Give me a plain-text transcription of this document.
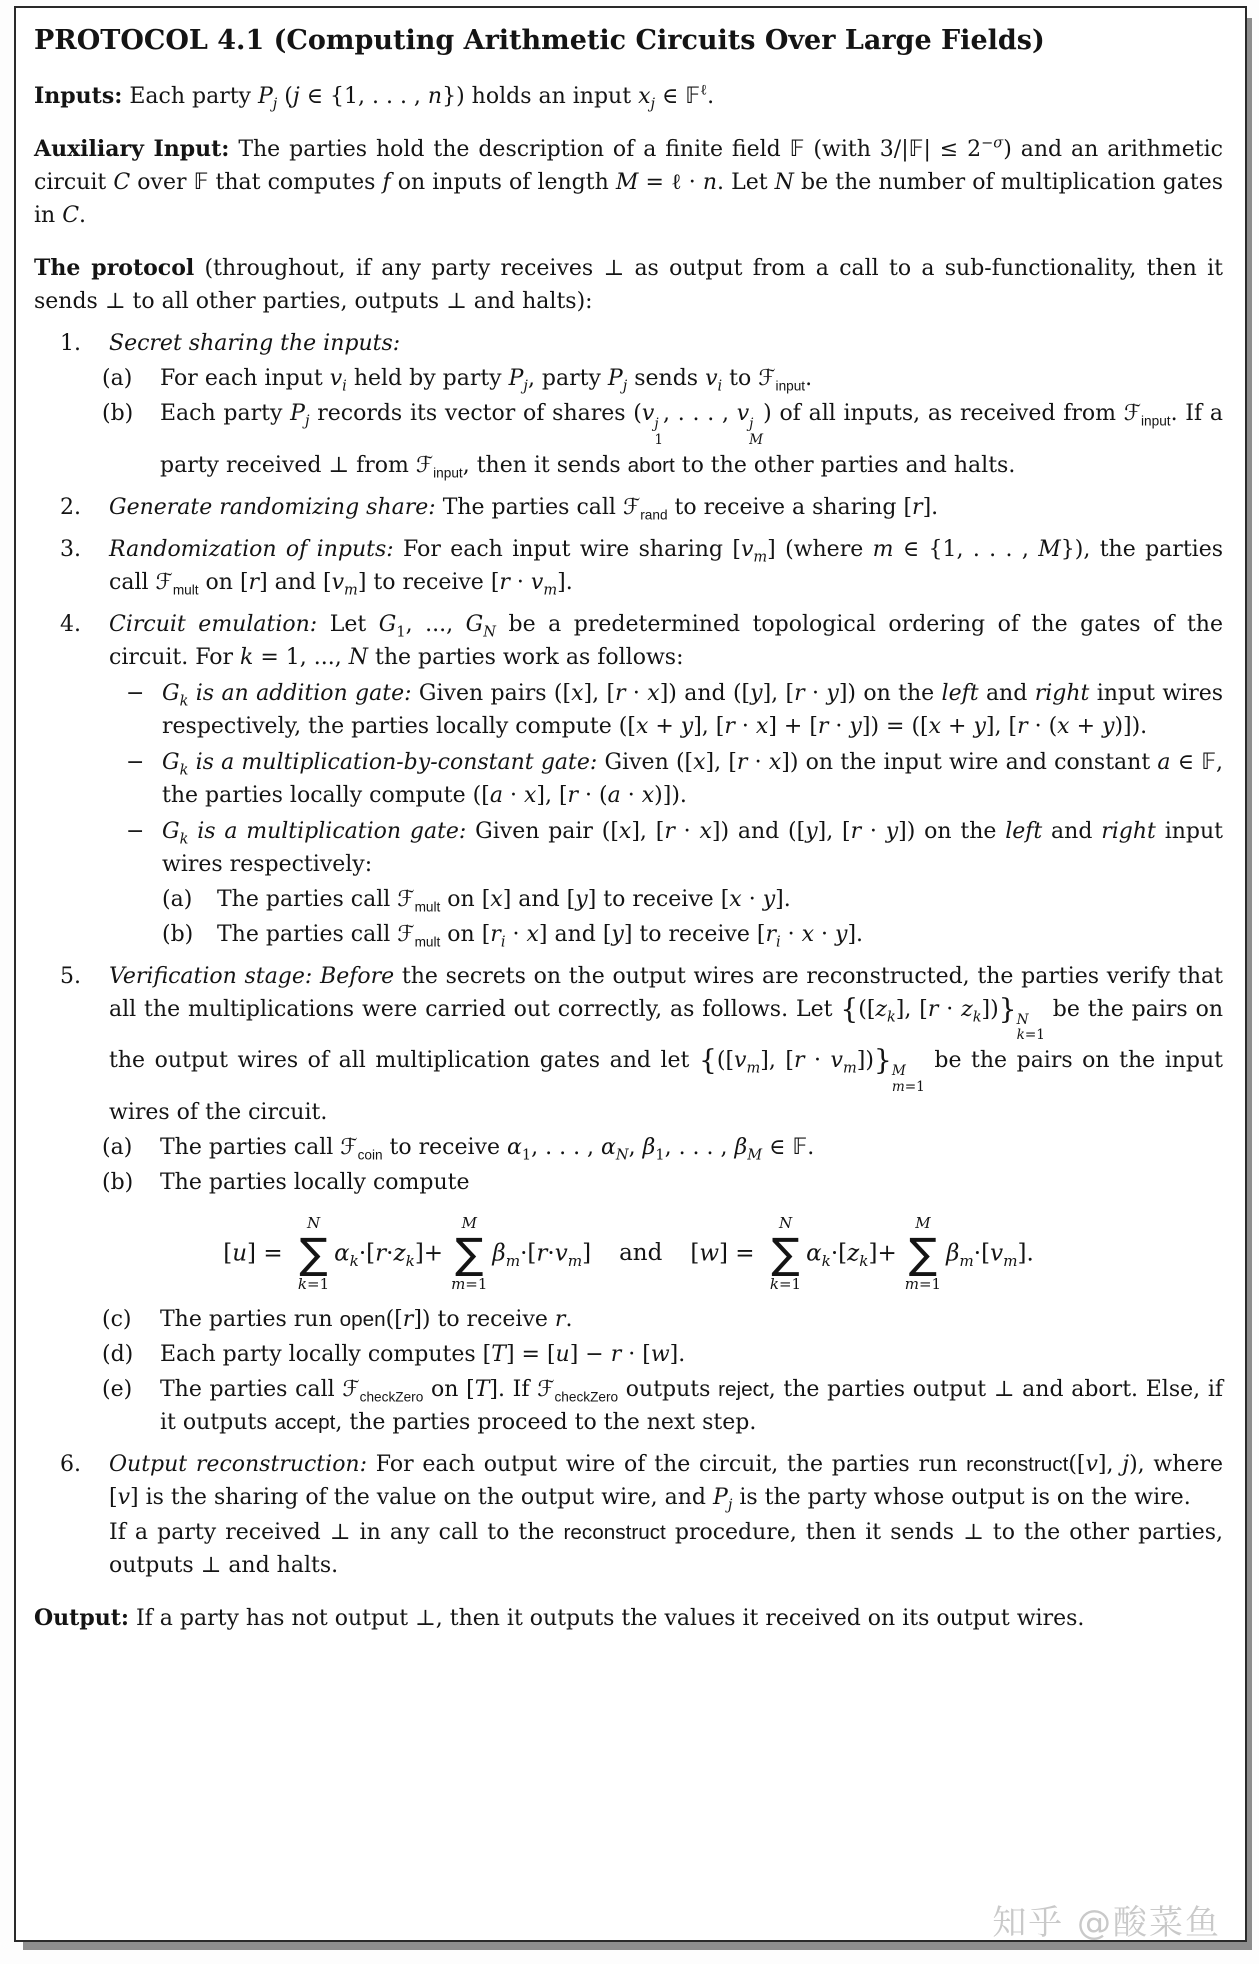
PROTOCOL 4.1 (Computing Arithmetic Circuits Over Large Fields)

Inputs: Each party $P_j$ (j ∈ {1, . . . , n}) holds an input $x_j$ ∈ 𝔽$^\ell$.

Auxiliary Input: The parties hold the description of a finite field 𝔽 (with 3/|𝔽| ≤ $2^{-\sigma}$) and an arithmetic circuit C over 𝔽 that computes f on inputs of length M = ℓ · n. Let N be the number of multiplication gates in C.

The protocol (throughout, if any party receives ⊥ as output from a call to a sub-functionality, then it sends ⊥ to all other parties, outputs ⊥ and halts):

1. Secret sharing the inputs:
(a) For each input $v_i$ held by party $P_j$, party $P_j$ sends $v_i$ to ℱ$_{input}$.
(b) Each party $P_j$ records its vector of shares (v j
1
, . . . , v j
M
) of all inputs, as received from ℱ$_{input}$. If a party received ⊥ from ℱ$_{input}$, then it sends abort to the other parties and halts.
2. Generate randomizing share: The parties call ℱ$_{rand}$ to receive a sharing [r].
3. Randomization of inputs: For each input wire sharing $[v_m]$ (where m ∈ {1, . . . , M}), the parties call ℱ$_{mult}$ on [r] and $[v_m]$ to receive $[r \cdot v_m]$.
4. Circuit emulation: Let $G_1$, ..., $G_N$ be a predetermined topological ordering of the gates of the circuit. For k = 1, ..., N the parties work as follows:
− $G_k$ is an addition gate: Given pairs ([x], [r · x]) and ([y], [r · y]) on the left and right input wires respectively, the parties locally compute ([x + y], [r · x] + [r · y]) = ([x + y], [r · (x + y)]).
− $G_k$ is a multiplication-by-constant gate: Given ([x], [r · x]) on the input wire and constant a ∈ 𝔽, the parties locally compute ([a · x], [r · (a · x)]).
− $G_k$ is a multiplication gate: Given pair ([x], [r · x]) and ([y], [r · y]) on the left and right input wires respectively:
(a) The parties call ℱ$_{mult}$ on [x] and [y] to receive [x · y].
(b) The parties call ℱ$_{mult}$ on $[r_i \cdot x]$ and [y] to receive $[r_i \cdot x \cdot y]$.
5. Verification stage: Before the secrets on the output wires are reconstructed, the parties verify that all the multiplications were carried out correctly, as follows. Let {($[z_k]$, $[r \cdot z_k]$)} N
k=1
be the pairs on the output wires of all multiplication gates and let {($[v_m]$, $[r \cdot v_m]$)} M
m=1
be the pairs on the input wires of the circuit.
(a) The parties call ℱ$_{coin}$ to receive $\alpha_1$, . . . , $\alpha_N$, $\beta_1$, . . . , $\beta_M$ ∈ 𝔽.
(b) The parties locally compute
[u] =
N
∑
k=1
$\alpha_k\cdot[r\cdot z_k]+$
M
∑
m=1
$\beta_m\cdot[r\cdot v_m]$ and [w] =
N
∑
k=1
$\alpha_k\cdot[z_k]+$
M
∑
m=1
$\beta_m\cdot[v_m]$.
(c) The parties run open([r]) to receive r.
(d) Each party locally computes [T] = [u] − r · [w].
(e) The parties call ℱ$_{checkZero}$ on [T]. If ℱ$_{checkZero}$ outputs reject, the parties output ⊥ and abort. Else, if it outputs accept, the parties proceed to the next step.
6. Output reconstruction: For each output wire of the circuit, the parties run reconstruct([v], j), where [v] is the sharing of the value on the output wire, and $P_j$ is the party whose output is on the wire.
If a party received ⊥ in any call to the reconstruct procedure, then it sends ⊥ to the other parties, outputs ⊥ and halts.

Output: If a party has not output ⊥, then it outputs the values it received on its output wires.

知乎 @酸菜鱼
